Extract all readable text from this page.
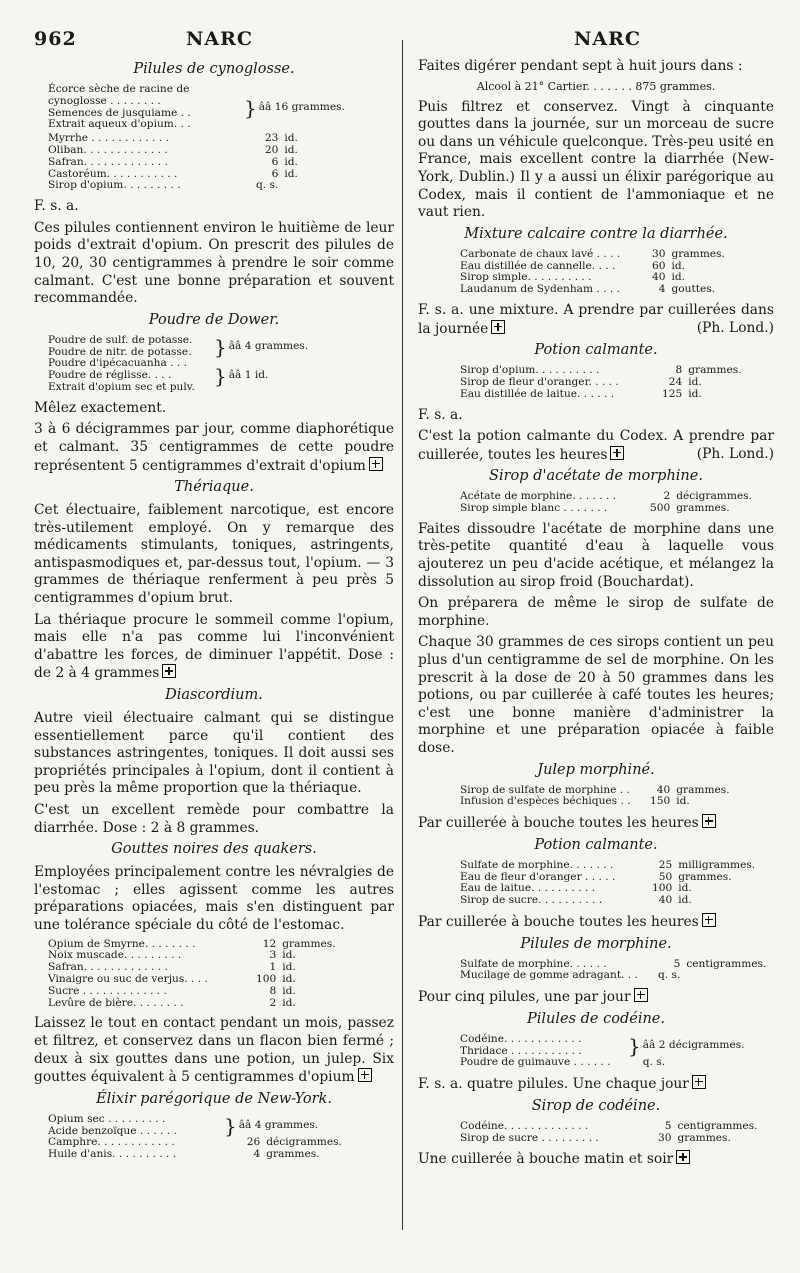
962	NARC	NARC
Pilules de cynoglosse.
Écorce sèche de racine de cynoglosse . . . . . . . .	}	ââ 16 grammes.
Semences de jusquiame . .
Extrait aqueux d'opium. . .
Myrrhe . . . . . . . . . . . .	23	id.
Oliban. . . . . . . . . . . . .	20	id.
Safran. . . . . . . . . . . . .	6	id.
Castoréum. . . . . . . . . . .	6	id.
Sirop d'opium. . . . . . . . .	q. s.	

F. s. a.

Ces pilules contiennent environ le huitième de leur poids d'extrait d'opium. On prescrit des pilules de 10, 20, 30 centigrammes à prendre le soir comme calmant. C'est une bonne préparation et souvent recommandée.

Poudre de Dower.
Poudre de sulf. de potasse.	}	ââ 4 grammes.
Poudre de nitr. de potasse.		
Poudre d'ipécacuanha . . .	}	ââ 1 id.
Poudre de réglisse. . . .		
Extrait d'opium sec et pulv.		

Mêlez exactement.

3 à 6 décigrammes par jour, comme diaphorétique et calmant. 35 centigrammes de cette poudre représentent 5 centigrammes d'extrait d'opium

Thériaque.

Cet électuaire, faiblement narcotique, est encore très-utilement employé. On y remarque des médicaments stimulants, toniques, astringents, antispasmodiques et, par-dessus tout, l'opium. — 3 grammes de thériaque renferment à peu près 5 centigrammes d'opium brut.

La thériaque procure le sommeil comme l'opium, mais elle n'a pas comme lui l'inconvénient d'abattre les forces, de diminuer l'appétit. Dose : de 2 à 4 grammes

Diascordium.

Autre vieil électuaire calmant qui se distingue essentiellement parce qu'il contient des substances astringentes, toniques. Il doit aussi ses propriétés principales à l'opium, dont il contient à peu près la même proportion que la thériaque.

C'est un excellent remède pour combattre la diarrhée. Dose : 2 à 8 grammes.

Gouttes noires des quakers.

Employées principalement contre les névralgies de l'estomac ; elles agissent comme les autres préparations opiacées, mais s'en distinguent par une tolérance spéciale du côté de l'estomac.

Opium de Smyrne. . . . . . . .	12	grammes.
Noix muscade. . . . . . . . .	3	id.
Safran. . . . . . . . . . . . .	1	id.
Vinaigre ou suc de verjus. . . .	100	id.
Sucre . . . . . . . . . . . . .	8	id.
Levûre de bière. . . . . . . .	2	id.

Laissez le tout en contact pendant un mois, passez et filtrez, et conservez dans un flacon bien fermé ; deux à six gouttes dans une potion, un julep. Six gouttes équivalent à 5 centigrammes d'opium

Élixir parégorique de New-York.
Opium sec . . . . . . . . .	}	ââ 4 grammes.	
Acide benzoïque . . . . . .			
Camphre. . . . . . . . . . . .		26	décigrammes.
Huile d'anis. . . . . . . . . .		4	grammes.

Faites digérer pendant sept à huit jours dans :

Alcool à 21° Cartier. . . . . . . 875 grammes.

Puis filtrez et conservez. Vingt à cinquante gouttes dans la journée, sur un morceau de sucre ou dans un véhicule quelconque. Très-peu usité en France, mais excellent contre la diarrhée (New-York, Dublin.) Il y a aussi un élixir parégorique au Codex, mais il contient de l'ammoniaque et ne vaut rien.

Mixture calcaire contre la diarrhée.
Carbonate de chaux lavé . . . .	30	grammes.
Eau distillée de cannelle. . . .	60	id.
Sirop simple. . . . . . . . . .	40	id.
Laudanum de Sydenham . . . .	4	gouttes.

F. s. a. une mixture. A prendre par cuillerées dans la journée	(Ph. Lond.)

Potion calmante.
Sirop d'opium. . . . . . . . . .	8	grammes.
Sirop de fleur d'oranger. . . . .	24	id.
Eau distillée de laitue. . . . . .	125	id.

F. s. a.

C'est la potion calmante du Codex. A prendre par cuillerée, toutes les heures	(Ph. Lond.)

Sirop d'acétate de morphine.
Acétate de morphine. . . . . . .	2	décigrammes.
Sirop simple blanc . . . . . . .	500	grammes.

Faites dissoudre l'acétate de morphine dans une très-petite quantité d'eau à laquelle vous ajouterez un peu d'acide acétique, et mélangez la dissolution au sirop froid (Bouchardat).

On préparera de même le sirop de sulfate de morphine.

Chaque 30 grammes de ces sirops contient un peu plus d'un centigramme de sel de morphine. On les prescrit à la dose de 20 à 50 grammes dans les potions, ou par cuillerée à café toutes les heures; c'est une bonne manière d'administrer la morphine et une préparation opiacée à faible dose.

Julep morphiné.
Sirop de sulfate de morphine . .	40	grammes.
Infusion d'espèces béchiques . .	150	id.

Par cuillerée à bouche toutes les heures

Potion calmante.
Sulfate de morphine. . . . . . .	25	milligrammes.
Eau de fleur d'oranger . . . . .	50	grammes.
Eau de laitue. . . . . . . . . .	100	id.
Sirop de sucre. . . . . . . . . .	40	id.

Par cuillerée à bouche toutes les heures

Pilules de morphine.
Sulfate de morphine. . . . . .	5	centigrammes.
Mucilage de gomme adragant. . .	q. s.	

Pour cinq pilules, une par jour

Pilules de codéine.
Codéine. . . . . . . . . . . .	}	ââ 2 décigrammes.
Thridace . . . . . . . . . . .		
Poudre de guimauve . . . . . .		q. s.

F. s. a. quatre pilules. Une chaque jour

Sirop de codéine.
Codéine. . . . . . . . . . . . .	5	centigrammes.
Sirop de sucre . . . . . . . . .	30	grammes.

Une cuillerée à bouche matin et soir
